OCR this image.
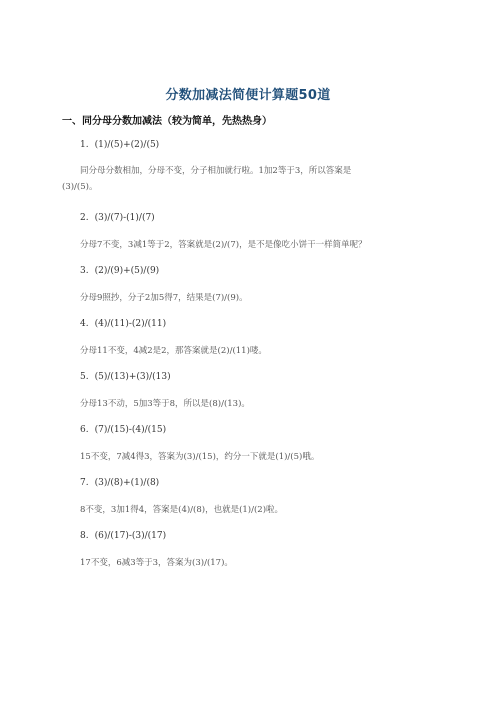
分数加减法简便计算题50道
一、同分母分数加减法（较为简单，先热热身）
1. (1)/(5)+(2)/(5)
同分母分数相加，分母不变，分子相加就行啦。1加2等于3，所以答案是
(3)/(5)。
2. (3)/(7)-(1)/(7)
分母7不变，3减1等于2，答案就是(2)/(7)，是不是像吃小饼干一样简单呢？
3. (2)/(9)+(5)/(9)
分母9照抄，分子2加5得7，结果是(7)/(9)。
4. (4)/(11)-(2)/(11)
分母11不变，4减2是2，那答案就是(2)/(11)喽。
5. (5)/(13)+(3)/(13)
分母13不动，5加3等于8，所以是(8)/(13)。
6. (7)/(15)-(4)/(15)
15不变，7减4得3，答案为(3)/(15)，约分一下就是(1)/(5)哦。
7. (3)/(8)+(1)/(8)
8不变，3加1得4，答案是(4)/(8)，也就是(1)/(2)啦。
8. (6)/(17)-(3)/(17)
17不变，6减3等于3，答案为(3)/(17)。
